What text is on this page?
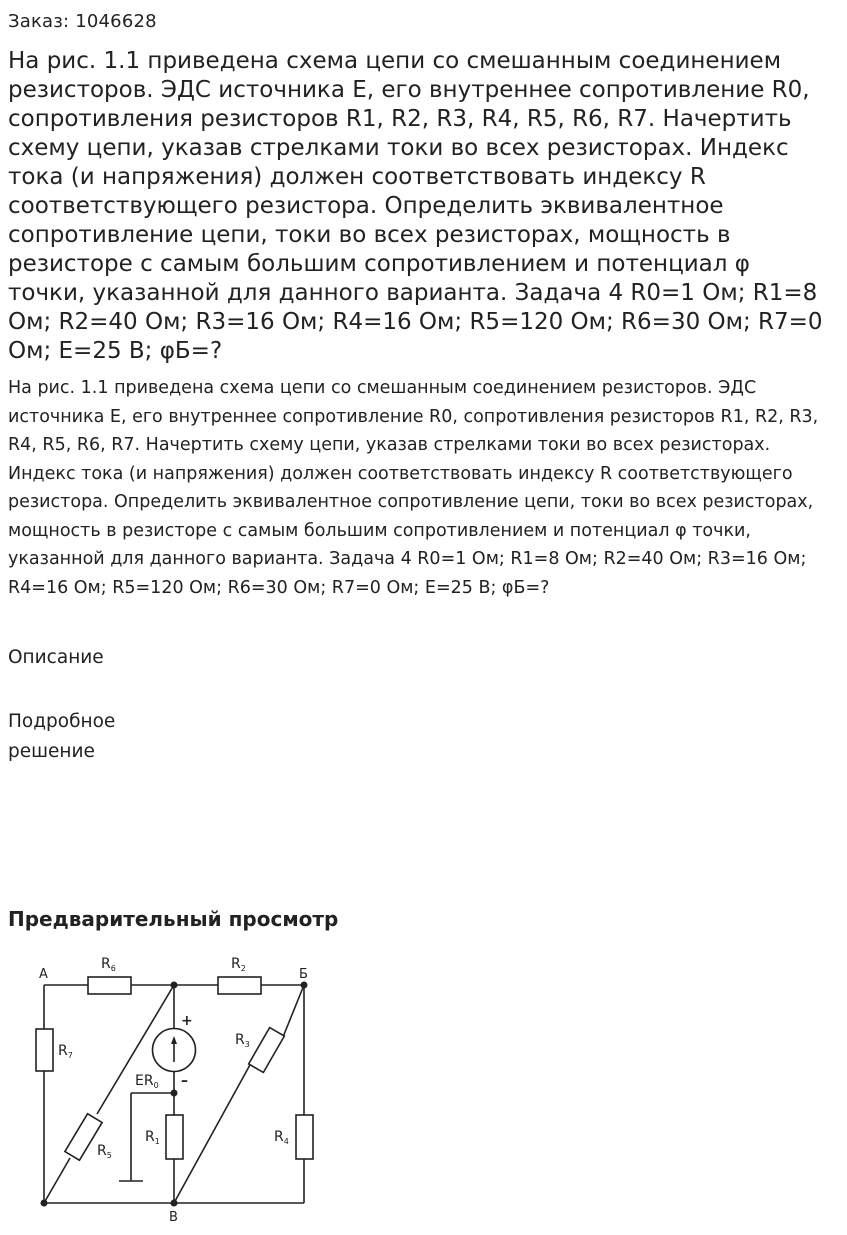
Заказ: 1046628
На рис. 1.1 приведена схема цепи со смешанным соединением резисторов. ЭДС источника E, его внутреннее сопротивление R0, сопротивления резисторов R1, R2, R3, R4, R5, R6, R7. Начертить схему цепи, указав стрелками токи во всех резисторах. Индекс тока (и напряжения) должен соответствовать индексу R соответствующего резистора. Определить эквивалентное сопротивление цепи, токи во всех резисторах, мощность в резисторе с самым большим сопротивлением и потенциал φ точки, указанной для данного варианта. Задача 4 R0=1 Ом; R1=8 Ом; R2=40 Ом; R3=16 Ом; R4=16 Ом; R5=120 Ом; R6=30 Ом; R7=0 Ом; E=25 В; φБ=?

На рис. 1.1 приведена схема цепи со смешанным соединением резисторов. ЭДС источника E, его внутреннее сопротивление R0, сопротивления резисторов R1, R2, R3, R4, R5, R6, R7. Начертить схему цепи, указав стрелками токи во всех резисторах. Индекс тока (и напряжения) должен соответствовать индексу R соответствующего резистора. Определить эквивалентное сопротивление цепи, токи во всех резисторах, мощность в резисторе с самым большим сопротивлением и потенциал φ точки, указанной для данного варианта. Задача 4 R0=1 Ом; R1=8 Ом; R2=40 Ом; R3=16 Ом; R4=16 Ом; R5=120 Ом; R6=30 Ом; R7=0 Ом; E=25 В; φБ=?

Описание
Подробное решение
Предварительный просмотр
А	Б
В
$R_6$	$R_2$
$R_7$
$R_3$
$R_5$
$R_1$	$R_4$
$ER_0$
+
–
